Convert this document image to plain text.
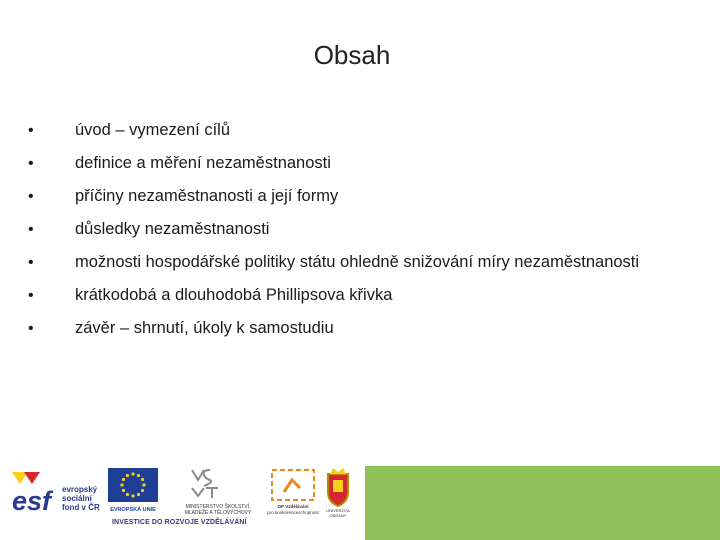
Obsah
•	úvod – vymezení cílů
•	definice a měření nezaměstnanosti
•	příčiny nezaměstnanosti a její formy
•	důsledky nezaměstnanosti
•	možnosti hospodářské politiky státu ohledně snižování míry nezaměstnanosti
•	krátkodobá a dlouhodobá Phillipsova křivka
•	závěr – shrnutí, úkoly k samostudiu
esf	evropský
sociální
fond v ČR EVROPSKÁ UNIE	MINISTERSTVO ŠKOLSTVÍ,
MLÁDEŽE A TĚLOVÝCHOVY
OP Vzdělávání
pro konkurenceschopnost UNIVERZITA
OBRANY
INVESTICE DO ROZVOJE VZDĚLÁVÁNÍ
